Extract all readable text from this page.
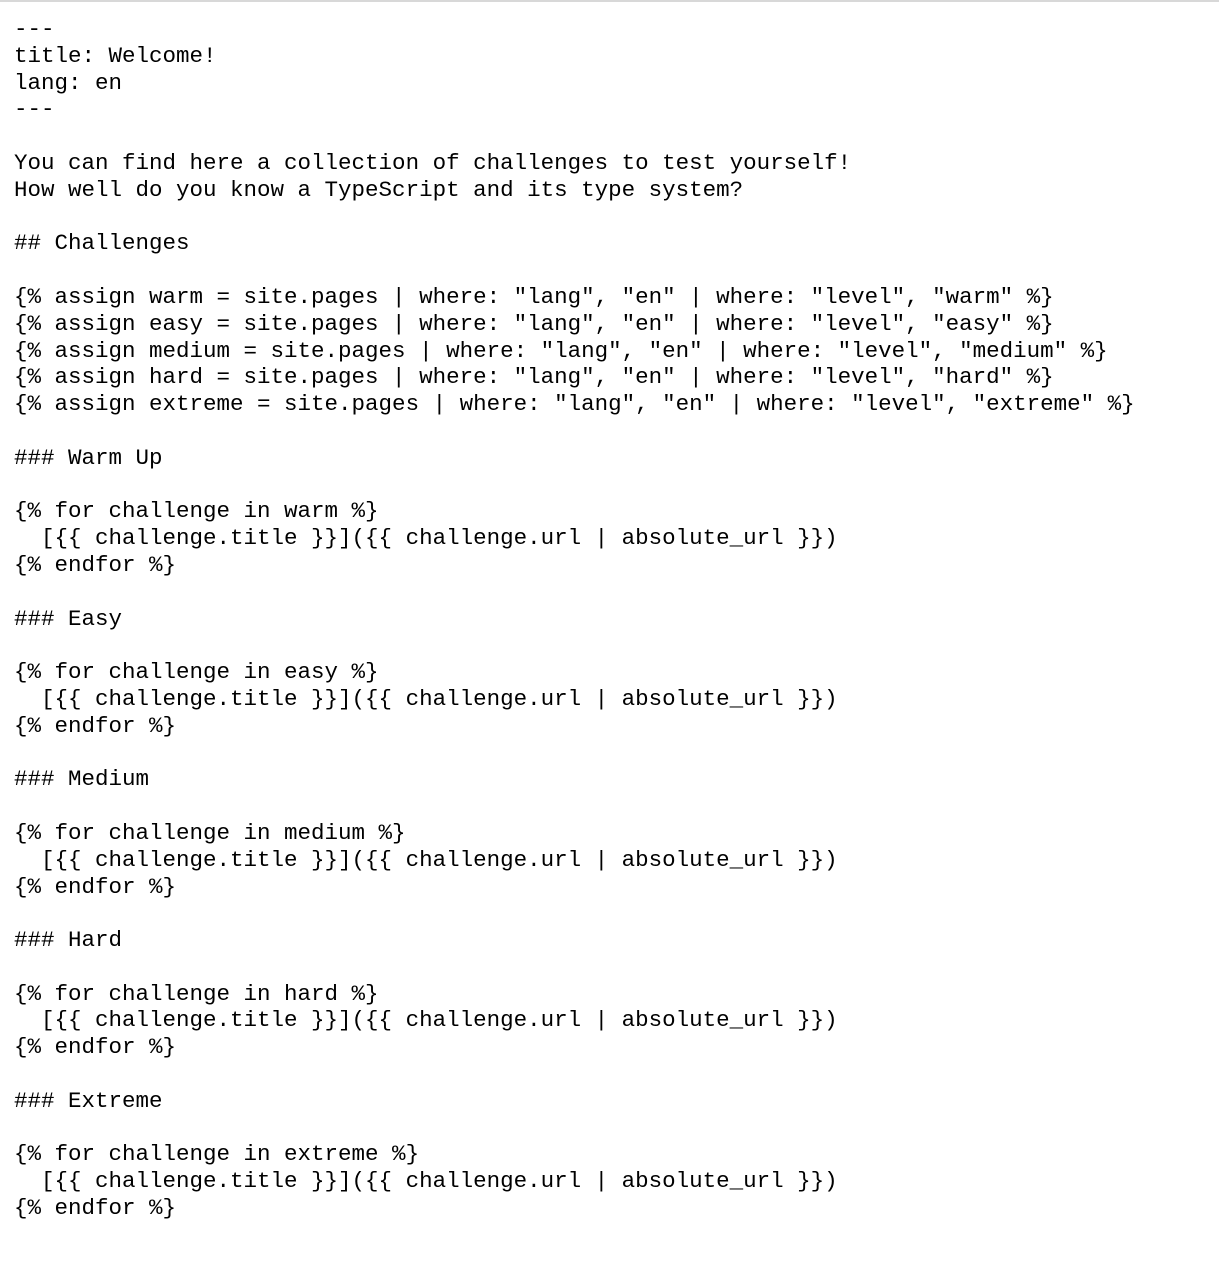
---
title: Welcome!
lang: en
---
You can find here a collection of challenges to test yourself!
How well do you know a TypeScript and its type system?
## Challenges
{% assign warm = site.pages | where: "lang", "en" | where: "level", "warm" %}
{% assign easy = site.pages | where: "lang", "en" | where: "level", "easy" %}
{% assign medium = site.pages | where: "lang", "en" | where: "level", "medium" %}
{% assign hard = site.pages | where: "lang", "en" | where: "level", "hard" %}
{% assign extreme = site.pages | where: "lang", "en" | where: "level", "extreme" %}
### Warm Up
{% for challenge in warm %}
[{{ challenge.title }}]({{ challenge.url | absolute_url }})
{% endfor %}
### Easy
{% for challenge in easy %}
[{{ challenge.title }}]({{ challenge.url | absolute_url }})
{% endfor %}
### Medium
{% for challenge in medium %}
[{{ challenge.title }}]({{ challenge.url | absolute_url }})
{% endfor %}
### Hard
{% for challenge in hard %}
[{{ challenge.title }}]({{ challenge.url | absolute_url }})
{% endfor %}
### Extreme
{% for challenge in extreme %}
[{{ challenge.title }}]({{ challenge.url | absolute_url }})
{% endfor %}
